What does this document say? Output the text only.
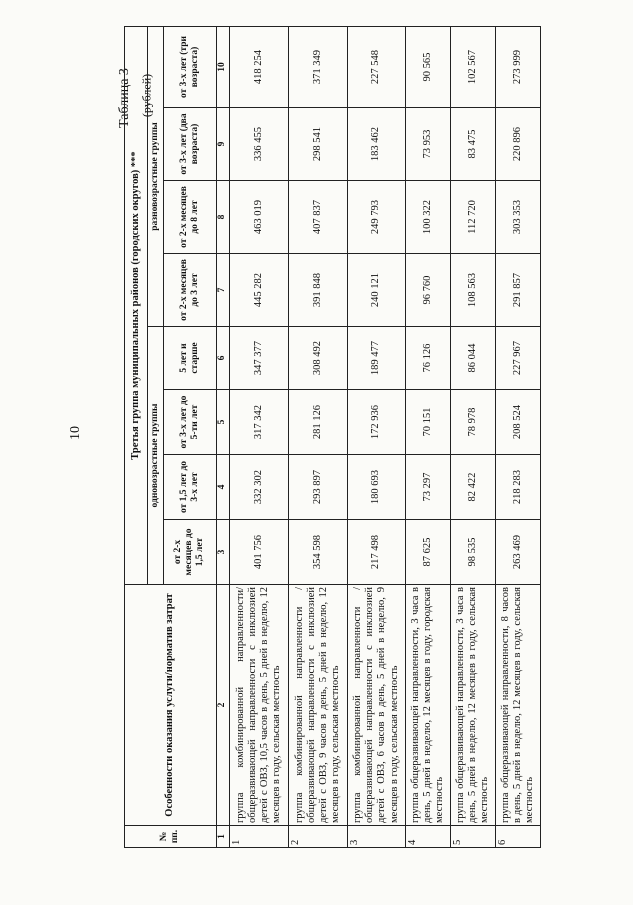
10
Таблица 3 (рублей)
№ пп.	Особенности оказания услуги/норматив затрат	Третья группа муниципальных районов (городских округов) ***							
		одновозрастные группы				разновозрастные группы			
		от 2-х месяцев до 1,5 лет	от 1,5 лет до 3-х лет	от 3-х лет до 5-ти лет	5 лет и старше	от 2-х месяцев до 3 лет	от 2-х месяцев до 8 лет	от 3-х лет (два возраста)	от 3-х лет (три возраста)
1	2	3	4	5	6	7	8	9	10
1	группа комбинированной направленности/ общеразвивающей направленности с инклюзией детей с ОВЗ, 10,5 часов в день, 5 дней в неделю, 12 месяцев в году, сельская местность	401 756	332 302	317 342	347 377	445 282	463 019	336 455	418 254
2	группа комбинированной направленности / общеразвивающей направленности с инклюзией детей с ОВЗ, 9 часов в день, 5 дней в неделю, 12 месяцев в году, сельская местность	354 598	293 897	281 126	308 492	391 848	407 837	298 541	371 349
3	группа комбинированной направленности / общеразвивающей направленности с инклюзией детей с ОВЗ, 6 часов в день, 5 дней в неделю, 9 месяцев в году, сельская местность	217 498	180 693	172 936	189 477	240 121	249 793	183 462	227 548
4	группа общеразвивающей направленности, 3 часа в день, 5 дней в неделю, 12 месяцев в году, городская местность	87 625	73 297	70 151	76 126	96 760	100 322	73 953	90 565
5	группа общеразвивающей направленности, 3 часа в день, 5 дней в неделю, 12 месяцев в году, сельская местность	98 535	82 422	78 978	86 044	108 563	112 720	83 475	102 567
6	группа общеразвивающей направленности, 8 часов в день, 5 дней в неделю, 12 месяцев в году, сельская местность	263 469	218 283	208 524	227 967	291 857	303 353	220 896	273 999
